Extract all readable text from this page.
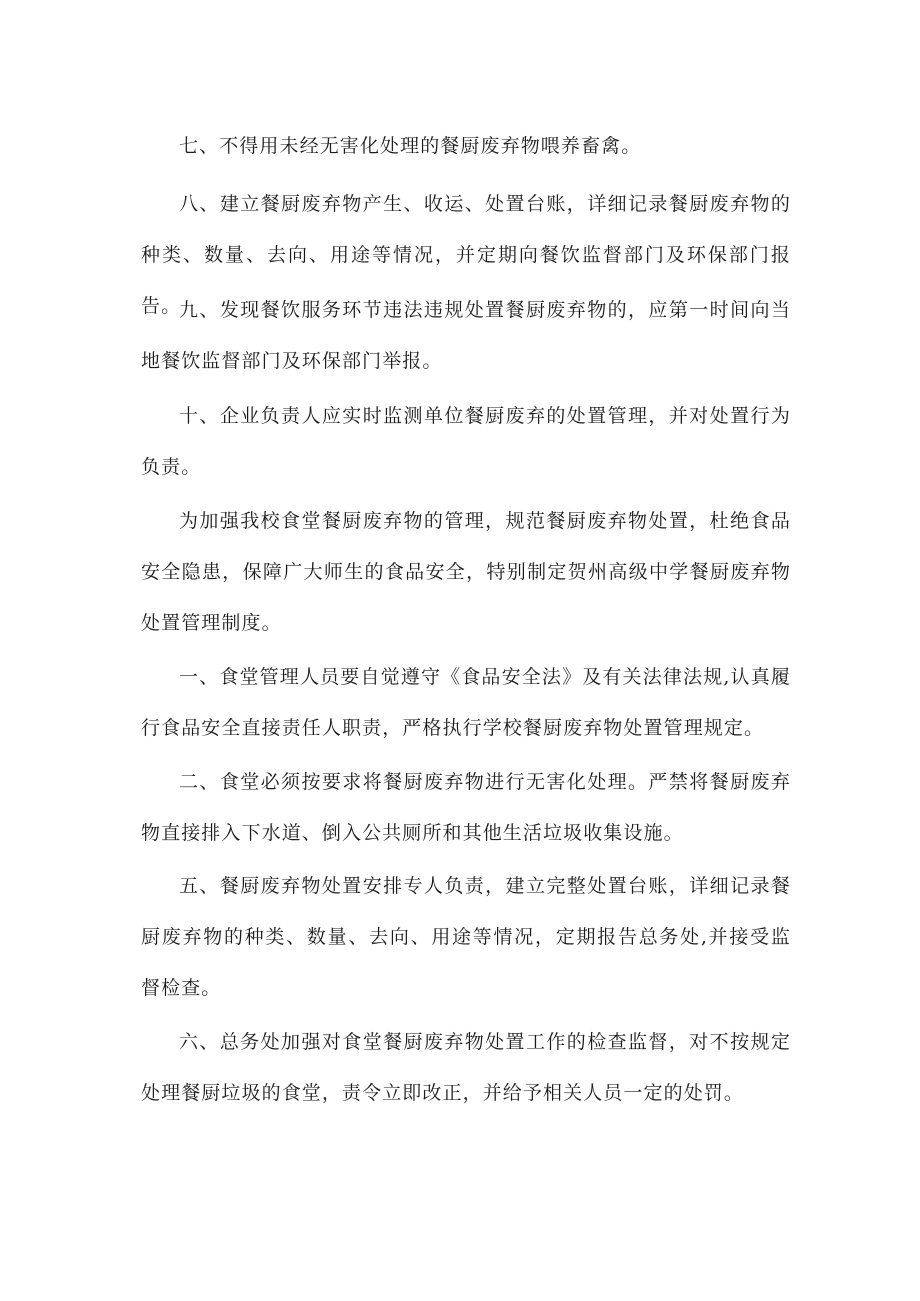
七、不得用未经无害化处理的餐厨废弃物喂养畜禽。

八、建立餐厨废弃物产生、收运、处置台账，详细记录餐厨废弃物的种类、数量、去向、用途等情况，并定期向餐饮监督部门及环保部门报告。

九、发现餐饮服务环节违法违规处置餐厨废弃物的，应第一时间向当地餐饮监督部门及环保部门举报。

十、企业负责人应实时监测单位餐厨废弃的处置管理，并对处置行为负责。

为加强我校食堂餐厨废弃物的管理，规范餐厨废弃物处置，杜绝食品安全隐患，保障广大师生的食品安全，特别制定贺州高级中学餐厨废弃物处置管理制度。

一、食堂管理人员要自觉遵守《食品安全法》及有关法律法规,认真履行食品安全直接责任人职责，严格执行学校餐厨废弃物处置管理规定。

二、食堂必须按要求将餐厨废弃物进行无害化处理。严禁将餐厨废弃物直接排入下水道、倒入公共厕所和其他生活垃圾收集设施。

五、餐厨废弃物处置安排专人负责，建立完整处置台账，详细记录餐厨废弃物的种类、数量、去向、用途等情况，定期报告总务处,并接受监督检查。

六、总务处加强对食堂餐厨废弃物处置工作的检查监督，对不按规定处理餐厨垃圾的食堂，责令立即改正，并给予相关人员一定的处罚。
